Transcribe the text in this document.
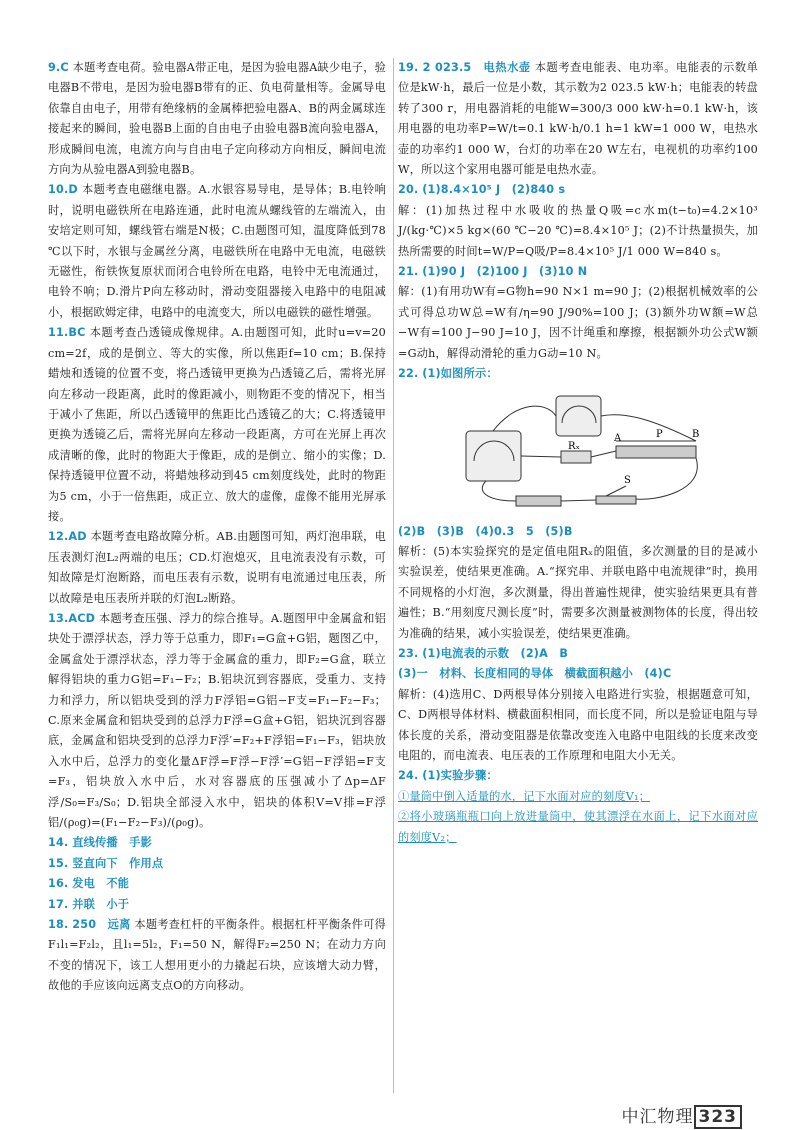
9.C 本题考查电荷。验电器A带正电，是因为验电器A缺少电子，验电器B不带电，是因为验电器B带有的正、负电荷量相等。金属导电依靠自由电子，用带有绝缘柄的金属棒把验电器A、B的两金属球连接起来的瞬间，验电器B上面的自由电子由验电器B流向验电器A，形成瞬间电流，电流方向与自由电子定向移动方向相反，瞬间电流方向为从验电器A到验电器B。

10.D 本题考查电磁继电器。A.水银容易导电，是导体；B.电铃响时，说明电磁铁所在电路连通，此时电流从螺线管的左端流入，由安培定则可知，螺线管右端是N极；C.由题图可知，温度降低到78 ℃以下时，水银与金属丝分离，电磁铁所在电路中无电流，电磁铁无磁性，衔铁恢复原状而闭合电铃所在电路，电铃中无电流通过，电铃不响；D.滑片P向左移动时，滑动变阻器接入电路中的电阻减小，根据欧姆定律，电路中的电流变大，所以电磁铁的磁性增强。

11.BC 本题考查凸透镜成像规律。A.由题图可知，此时u=v=20 cm=2f，成的是倒立、等大的实像，所以焦距f=10 cm；B.保持蜡烛和透镜的位置不变，将凸透镜甲更换为凸透镜乙后，需将光屏向左移动一段距离，此时的像距减小，则物距不变的情况下，相当于减小了焦距，所以凸透镜甲的焦距比凸透镜乙的大；C.将透镜甲更换为透镜乙后，需将光屏向左移动一段距离，方可在光屏上再次成清晰的像，此时的物距大于像距，成的是倒立、缩小的实像；D.保持透镜甲位置不动，将蜡烛移动到45 cm刻度线处，此时的物距为5 cm，小于一倍焦距，成正立、放大的虚像，虚像不能用光屏承接。

12.AD 本题考查电路故障分析。AB.由题图可知，两灯泡串联，电压表测灯泡L₂两端的电压；CD.灯泡熄灭，且电流表没有示数，可知故障是灯泡断路，而电压表有示数，说明有电流通过电压表，所以故障是电压表所并联的灯泡L₂断路。

13.ACD 本题考查压强、浮力的综合推导。A.题图甲中金属盒和铝块处于漂浮状态，浮力等于总重力，即F₁=G盒+G铝，题图乙中，金属盒处于漂浮状态，浮力等于金属盒的重力，即F₂=G盒，联立解得铝块的重力G铝=F₁−F₂；B.铝块沉到容器底，受重力、支持力和浮力，所以铝块受到的浮力F浮铝=G铝−F支=F₁−F₂−F₃；C.原来金属盒和铝块受到的总浮力F浮=G盒+G铝，铝块沉到容器底，金属盒和铝块受到的总浮力F浮′=F₂+F浮铝=F₁−F₃，铝块放入水中后，总浮力的变化量ΔF浮=F浮−F浮′=G铝−F浮铝=F支=F₃，铝块放入水中后，水对容器底的压强减小了Δp=ΔF浮/S₀=F₃/S₀；D.铝块全部浸入水中，铝块的体积V=V排=F浮铝/(ρ₀g)=(F₁−F₂−F₃)/(ρ₀g)。

14. 直线传播　手影

15. 竖直向下　作用点

16. 发电　不能

17. 并联　小于

18. 250　远离 本题考查杠杆的平衡条件。根据杠杆平衡条件可得F₁l₁=F₂l₂，且l₁=5l₂，F₁=50 N，解得F₂=250 N；在动力方向不变的情况下，该工人想用更小的力撬起石块，应该增大动力臂，故他的手应该向远离支点O的方向移动。

19. 2 023.5　电热水壶 本题考查电能表、电功率。电能表的示数单位是kW·h，最后一位是小数，其示数为2 023.5 kW·h；电能表的转盘转了300 r，用电器消耗的电能W=300/3 000 kW·h=0.1 kW·h，该用电器的电功率P=W/t=0.1 kW·h/0.1 h=1 kW=1 000 W，电热水壶的功率约1 000 W，台灯的功率在20 W左右，电视机的功率约100 W，所以这个家用电器可能是电热水壶。

20. (1)8.4×10⁵ J　(2)840 s
解：(1)加热过程中水吸收的热量Q吸=c水m(t−t₀)=4.2×10³ J/(kg·℃)×5 kg×(60 ℃−20 ℃)=8.4×10⁵ J；(2)不计热量损失，加热所需要的时间t=W/P=Q吸/P=8.4×10⁵ J/1 000 W=840 s。

21. (1)90 J　(2)100 J　(3)10 N
解：(1)有用功W有=G物h=90 N×1 m=90 J；(2)根据机械效率的公式可得总功W总=W有/η=90 J/90%=100 J；(3)额外功W额=W总−W有=100 J−90 J=10 J，因不计绳重和摩擦，根据额外功公式W额=G动h，解得动滑轮的重力G动=10 N。

22. (1)如图所示：

A	P	B
Rₓ
S

(2)B　(3)B　(4)0.3　5　(5)B
解析：(5)本实验探究的是定值电阻Rₓ的阻值，多次测量的目的是减小实验误差，使结果更准确。A.“探究串、并联电路中电流规律”时，换用不同规格的小灯泡，多次测量，得出普遍性规律，使实验结果更具有普遍性；B.“用刻度尺测长度”时，需要多次测量被测物体的长度，得出较为准确的结果，减小实验误差，使结果更准确。

23. (1)电流表的示数　(2)A　B
(3)一　材料、长度相同的导体　横截面积越小　(4)C
解析：(4)选用C、D两根导体分别接入电路进行实验，根据题意可知，C、D两根导体材料、横截面积相同，而长度不同，所以是验证电阻与导体长度的关系，滑动变阻器是依靠改变连入电路中电阻线的长度来改变电阻的，而电流表、电压表的工作原理和电阻大小无关。

24. (1)实验步骤：

①量筒中倒入适量的水，记下水面对应的刻度V₁；

②将小玻璃瓶瓶口向上放进量筒中，使其漂浮在水面上，记下水面对应的刻度V₂；

中汇物理 323
